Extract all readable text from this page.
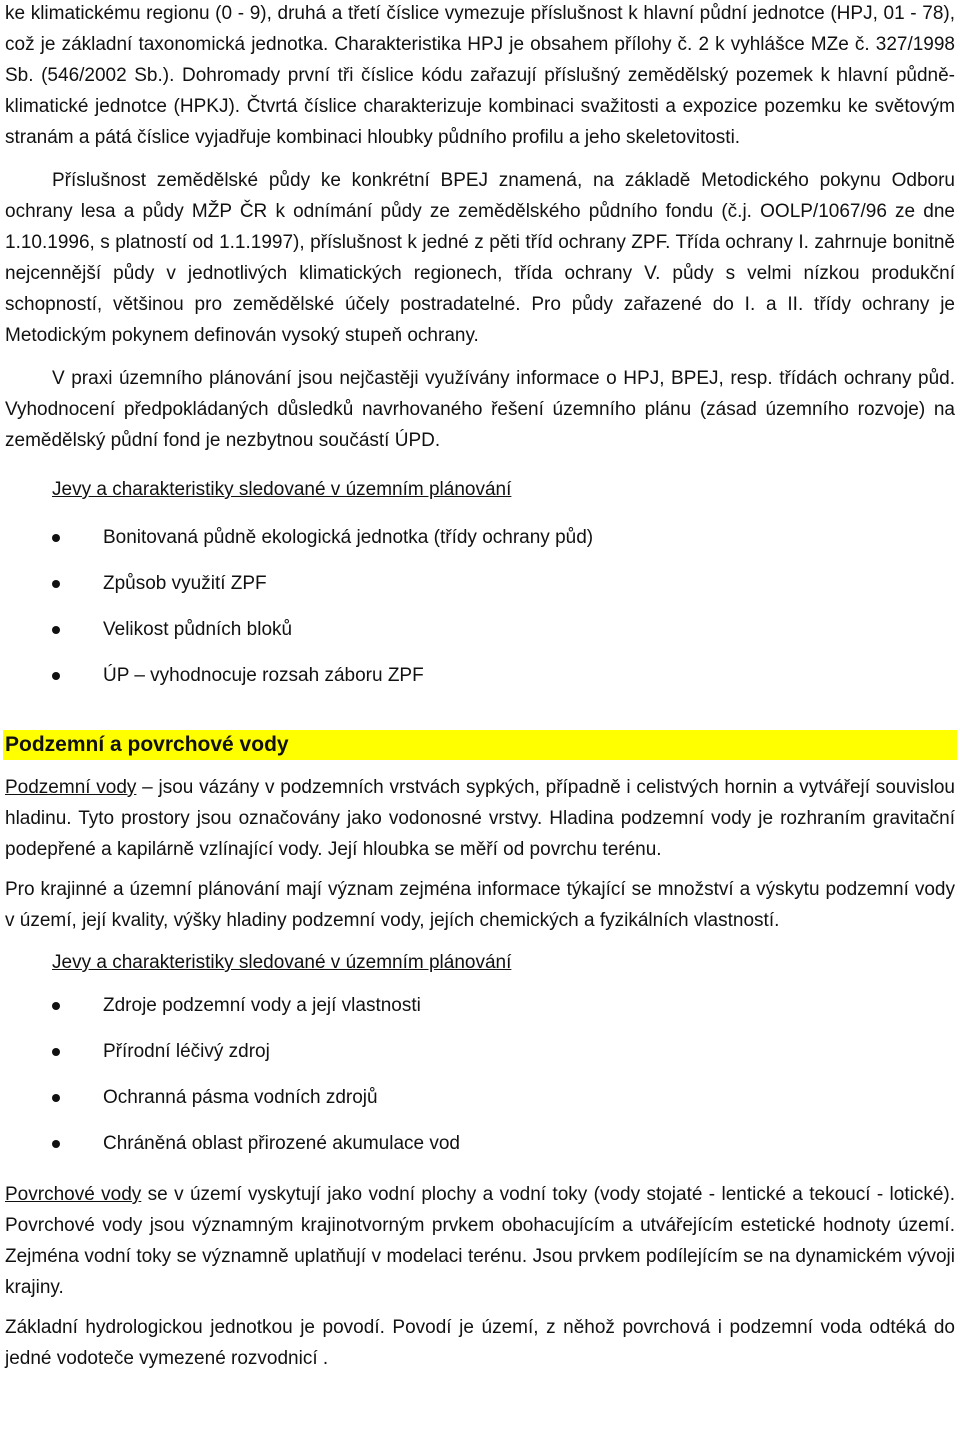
ke klimatickému regionu (0 - 9), druhá a třetí číslice vymezuje příslušnost k hlavní půdní jednotce (HPJ, 01 - 78), což je základní taxonomická jednotka. Charakteristika HPJ je obsahem přílohy č. 2 k vyhlášce MZe č. 327/1998 Sb. (546/2002 Sb.). Dohromady první tři číslice kódu zařazují příslušný zemědělský pozemek k hlavní půdně-klimatické jednotce (HPKJ). Čtvrtá číslice charakterizuje kombinaci svažitosti a expozice pozemku ke světovým stranám a pátá číslice vyjadřuje kombinaci hloubky půdního profilu a jeho skeletovitosti.

Příslušnost zemědělské půdy ke konkrétní BPEJ znamená, na základě Metodického pokynu Odboru ochrany lesa a půdy MŽP ČR k odnímání půdy ze zemědělského půdního fondu (č.j. OOLP/1067/96 ze dne 1.10.1996, s platností od 1.1.1997), příslušnost k jedné z pěti tříd ochrany ZPF. Třída ochrany I. zahrnuje bonitně nejcennější půdy v jednotlivých klimatických regionech, třída ochrany V. půdy s velmi nízkou produkční schopností, většinou pro zemědělské účely postradatelné. Pro půdy zařazené do I. a II. třídy ochrany je Metodickým pokynem definován vysoký stupeň ochrany.

V praxi územního plánování jsou nejčastěji využívány informace o HPJ, BPEJ, resp. třídách ochrany půd. Vyhodnocení předpokládaných důsledků navrhovaného řešení územního plánu (zásad územního rozvoje) na zemědělský půdní fond je nezbytnou součástí ÚPD.

Jevy a charakteristiky sledované v územním plánování

Bonitovaná půdně ekologická jednotka (třídy ochrany půd)
Způsob využití ZPF
Velikost půdních bloků
ÚP – vyhodnocuje rozsah záboru ZPF
Podzemní a povrchové vody

Podzemní vody – jsou vázány v podzemních vrstvách sypkých, případně i celistvých hornin a vytvářejí souvislou hladinu. Tyto prostory jsou označovány jako vodonosné vrstvy. Hladina podzemní vody je rozhraním gravitační podepřené a kapilárně vzlínající vody. Její hloubka se měří od povrchu terénu.

Pro krajinné a územní plánování mají význam zejména informace týkající se množství a výskytu podzemní vody v území, její kvality, výšky hladiny podzemní vody, jejích chemických a fyzikálních vlastností.

Jevy a charakteristiky sledované v územním plánování

Zdroje podzemní vody a její vlastnosti
Přírodní léčivý zdroj
Ochranná pásma vodních zdrojů
Chráněná oblast přirozené akumulace vod

Povrchové vody se v území vyskytují jako vodní plochy a vodní toky (vody stojaté - lentické a tekoucí - lotické). Povrchové vody jsou významným krajinotvorným prvkem obohacujícím a utvářejícím estetické hodnoty území. Zejména vodní toky se významně uplatňují v modelaci terénu. Jsou prvkem podílejícím se na dynamickém vývoji krajiny.

Základní hydrologickou jednotkou je povodí. Povodí je území, z něhož povrchová i podzemní voda odtéká do jedné vodoteče vymezené rozvodnicí .
